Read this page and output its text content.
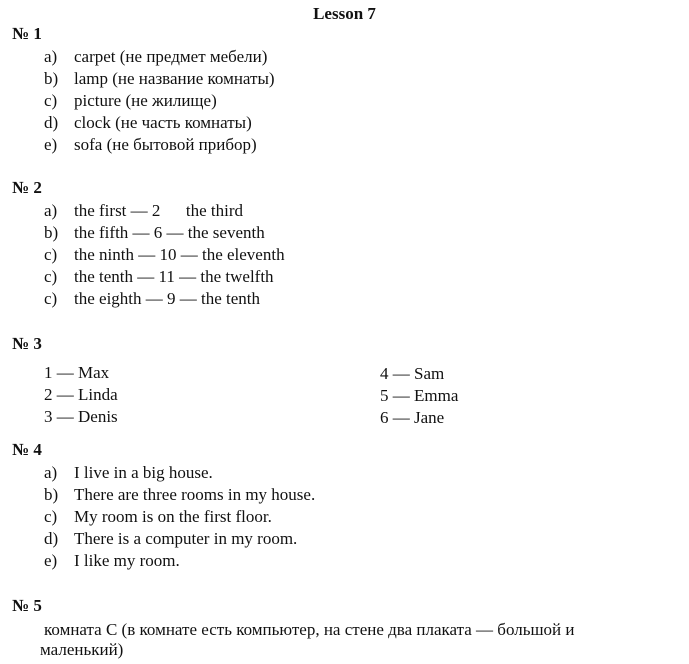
Lesson 7
№ 1
a) carpet (не предмет мебели)
b) lamp (не название комнаты)
c) picture (не жилище)
d) clock (не часть комнаты)
e) sofa (не бытовой прибор)
№ 2
a) the first — 2      the third
b) the fifth — 6 — the seventh
c) the ninth — 10 — the eleventh
c) the tenth — 11 — the twelfth
c) the eighth — 9 — the tenth
№ 3
1 — Max
2 — Linda
3 — Denis
4 — Sam
5 — Emma
6 — Jane
№ 4
a) I live in a big house.
b) There are three rooms in my house.
c) My room is on the first floor.
d) There is a computer in my room.
e) I like my room.
№ 5
комната С (в комнате есть компьютер, на стене два плаката — большой и
маленький)
